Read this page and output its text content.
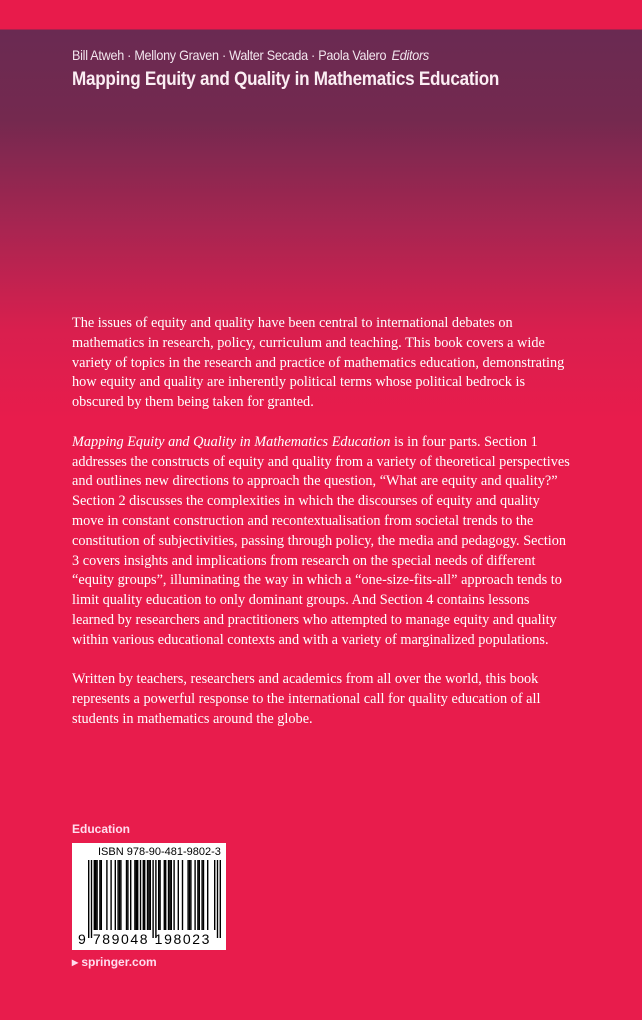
Bill Atweh · Mellony Graven · Walter Secada · Paola Valero Editors
Mapping Equity and Quality in Mathematics Education

The issues of equity and quality have been central to international debates on mathematics in research, policy, curriculum and teaching. This book covers a wide variety of topics in the research and practice of mathematics education, demonstrating how equity and quality are inherently political terms whose political bedrock is obscured by them being taken for granted.

Mapping Equity and Quality in Mathematics Education is in four parts. Section 1 addresses the constructs of equity and quality from a variety of theoretical perspectives and outlines new directions to approach the question, “What are equity and quality?” Section 2 discusses the complexities in which the discourses of equity and quality move in constant construction and recontextualisation from societal trends to the constitution of subjectivities, passing through policy, the media and pedagogy. Section 3 covers insights and implications from research on the special needs of different “equity groups”, illuminating the way in which a “one-size-fits-all” approach tends to limit quality education to only dominant groups. And Section 4 contains lessons learned by researchers and practitioners who attempted to manage equity and quality within various educational contexts and with a variety of marginalized populations.

Written by teachers, researchers and academics from all over the world, this book represents a powerful response to the international call for quality education of all students in mathematics around the globe.

Education
ISBN 978-90-481-9802-3
9 789048 198023
▸ springer.com
